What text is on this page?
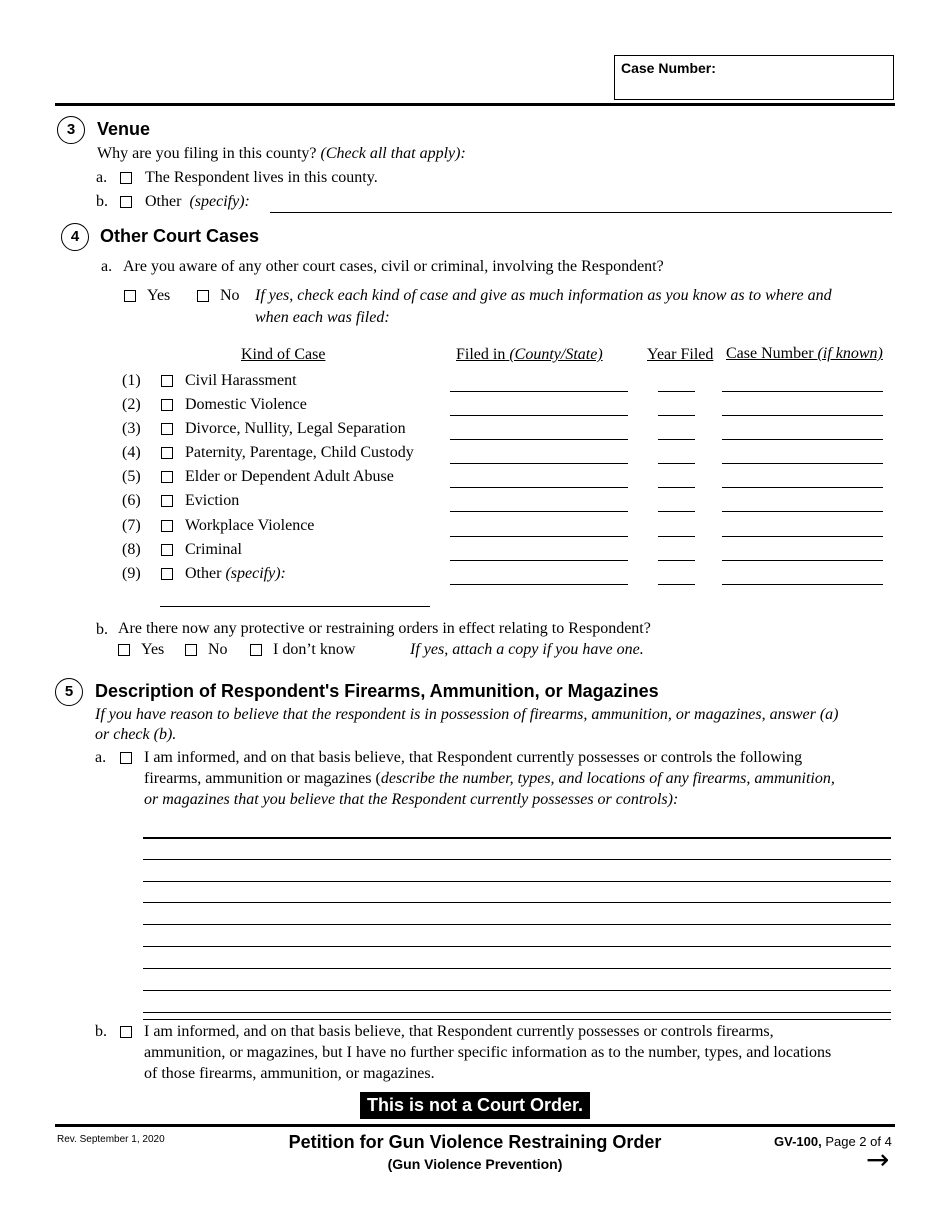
Case Number:
3	Venue
Why are you filing in this county? (Check all that apply):
a. The Respondent lives in this county.
b. Other (specify):
4	Other Court Cases
a. Are you aware of any other court cases, civil or criminal, involving the Respondent?
Yes	No If yes, check each kind of case and give as much information as you know as to where and
when each was filed:
Kind of Case	Filed in (County/State)	Year Filed Case Number (if known)
(1)	Civil Harassment
(2)	Domestic Violence
(3)	Divorce, Nullity, Legal Separation
(4)	Paternity, Parentage, Child Custody
(5)	Elder or Dependent Adult Abuse
(6)	Eviction
(7)	Workplace Violence
(8)	Criminal
(9)	Other (specify):
b. Are there now any protective or restraining orders in effect relating to Respondent?
Yes	No	I don’t know	If yes, attach a copy if you have one.
5	Description of Respondent's Firearms, Ammunition, or Magazines
If you have reason to believe that the respondent is in possession of firearms, ammunition, or magazines, answer (a)
or check (b).
a. I am informed, and on that basis believe, that Respondent currently possesses or controls the following
firearms, ammunition or magazines (describe the number, types, and locations of any firearms, ammunition,
or magazines that you believe that the Respondent currently possesses or controls):
b. I am informed, and on that basis believe, that Respondent currently possesses or controls firearms,
ammunition, or magazines, but I have no further specific information as to the number, types, and locations
of those firearms, ammunition, or magazines.
This is not a Court Order.
Rev. September 1, 2020	Petition for Gun Violence Restraining Order
(Gun Violence Prevention)
GV-100, Page 2 of 4
→
